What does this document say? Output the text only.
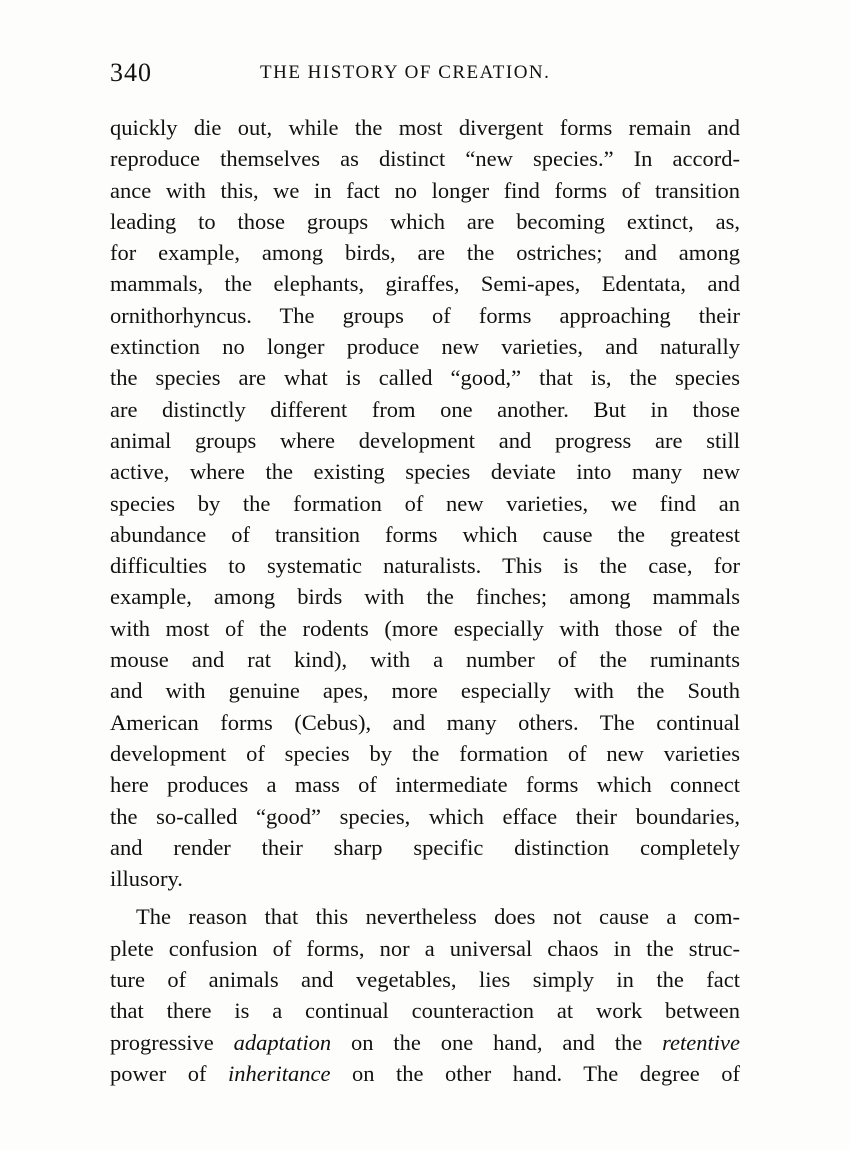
340	THE HISTORY OF CREATION.
quickly die out, while the most divergent forms remain and
reproduce themselves as distinct “new species.” In accord-
ance with this, we in fact no longer find forms of transition
leading to those groups which are becoming extinct, as,
for example, among birds, are the ostriches; and among
mammals, the elephants, giraffes, Semi-apes, Edentata, and
ornithorhyncus. The groups of forms approaching their
extinction no longer produce new varieties, and naturally
the species are what is called “good,” that is, the species
are distinctly different from one another. But in those
animal groups where development and progress are still
active, where the existing species deviate into many new
species by the formation of new varieties, we find an
abundance of transition forms which cause the greatest
difficulties to systematic naturalists. This is the case, for
example, among birds with the finches; among mammals
with most of the rodents (more especially with those of the
mouse and rat kind), with a number of the ruminants
and with genuine apes, more especially with the South
American forms (Cebus), and many others. The continual
development of species by the formation of new varieties
here produces a mass of intermediate forms which connect
the so-called “good” species, which efface their boundaries,
and render their sharp specific distinction completely
illusory.
The reason that this nevertheless does not cause a com-
plete confusion of forms, nor a universal chaos in the struc-
ture of animals and vegetables, lies simply in the fact
that there is a continual counteraction at work between
progressive adaptation on the one hand, and the retentive
power of inheritance on the other hand. The degree of
